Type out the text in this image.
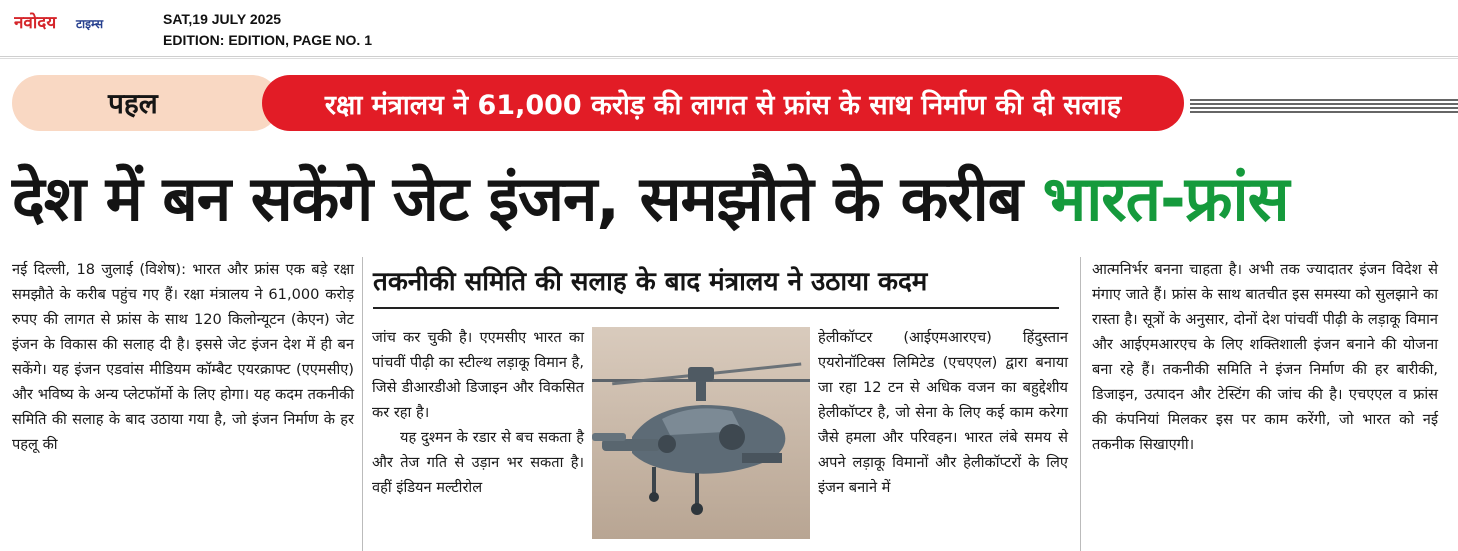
नवोदय टाइम्स	SAT,19 JULY 2025
EDITION: EDITION, PAGE NO. 1
पहल	रक्षा मंत्रालय ने 61,000 करोड़ की लागत से फ्रांस के साथ निर्माण की दी सलाह
देश में बन सकेंगे जेट इंजन, समझौते के करीब भारत-फ्रांस

नई दिल्ली, 18 जुलाई (विशेष): भारत और फ्रांस एक बड़े रक्षा समझौते के करीब पहुंच गए हैं। रक्षा मंत्रालय ने 61,000 करोड़ रुपए की लागत से फ्रांस के साथ 120 किलोन्यूटन (केएन) जेट इंजन के विकास की सलाह दी है। इससे जेट इंजन देश में ही बन सकेंगे। यह इंजन एडवांस मीडियम कॉम्बैट एयरक्राफ्ट (एएमसीए) और भविष्य के अन्य प्लेटफॉर्मो के लिए होगा। यह कदम तकनीकी समिति की सलाह के बाद उठाया गया है, जो इंजन निर्माण के हर पहलू की

तकनीकी समिति की सलाह के बाद मंत्रालय ने उठाया कदम

जांच कर चुकी है। एएमसीए भारत का पांचवीं पीढ़ी का स्टील्थ लड़ाकू विमान है, जिसे डीआरडीओ डिजाइन और विकसित कर रहा है।

यह दुश्मन के रडार से बच सकता है और तेज गति से उड़ान भर सकता है। वहीं इंडियन मल्टीरोल

हेलीकॉप्टर (आईएमआरएच) हिंदुस्तान एयरोनॉटिक्स लिमिटेड (एचएएल) द्वारा बनाया जा रहा 12 टन से अधिक वजन का बहुद्देशीय हेलीकॉप्टर है, जो सेना के लिए कई काम करेगा जैसे हमला और परिवहन। भारत लंबे समय से अपने लड़ाकू विमानों और हेलीकॉप्टरों के लिए इंजन बनाने में

आत्मनिर्भर बनना चाहता है। अभी तक ज्यादातर इंजन विदेश से मंगाए जाते हैं। फ्रांस के साथ बातचीत इस समस्या को सुलझाने का रास्ता है। सूत्रों के अनुसार, दोनों देश पांचवीं पीढ़ी के लड़ाकू विमान और आईएमआरएच के लिए शक्तिशाली इंजन बनाने की योजना बना रहे हैं। तकनीकी समिति ने इंजन निर्माण की हर बारीकी, डिजाइन, उत्पादन और टेस्टिंग की जांच की है। एचएएल व फ्रांस की कंपनियां मिलकर इस पर काम करेंगी, जो भारत को नई तकनीक सिखाएगी।
